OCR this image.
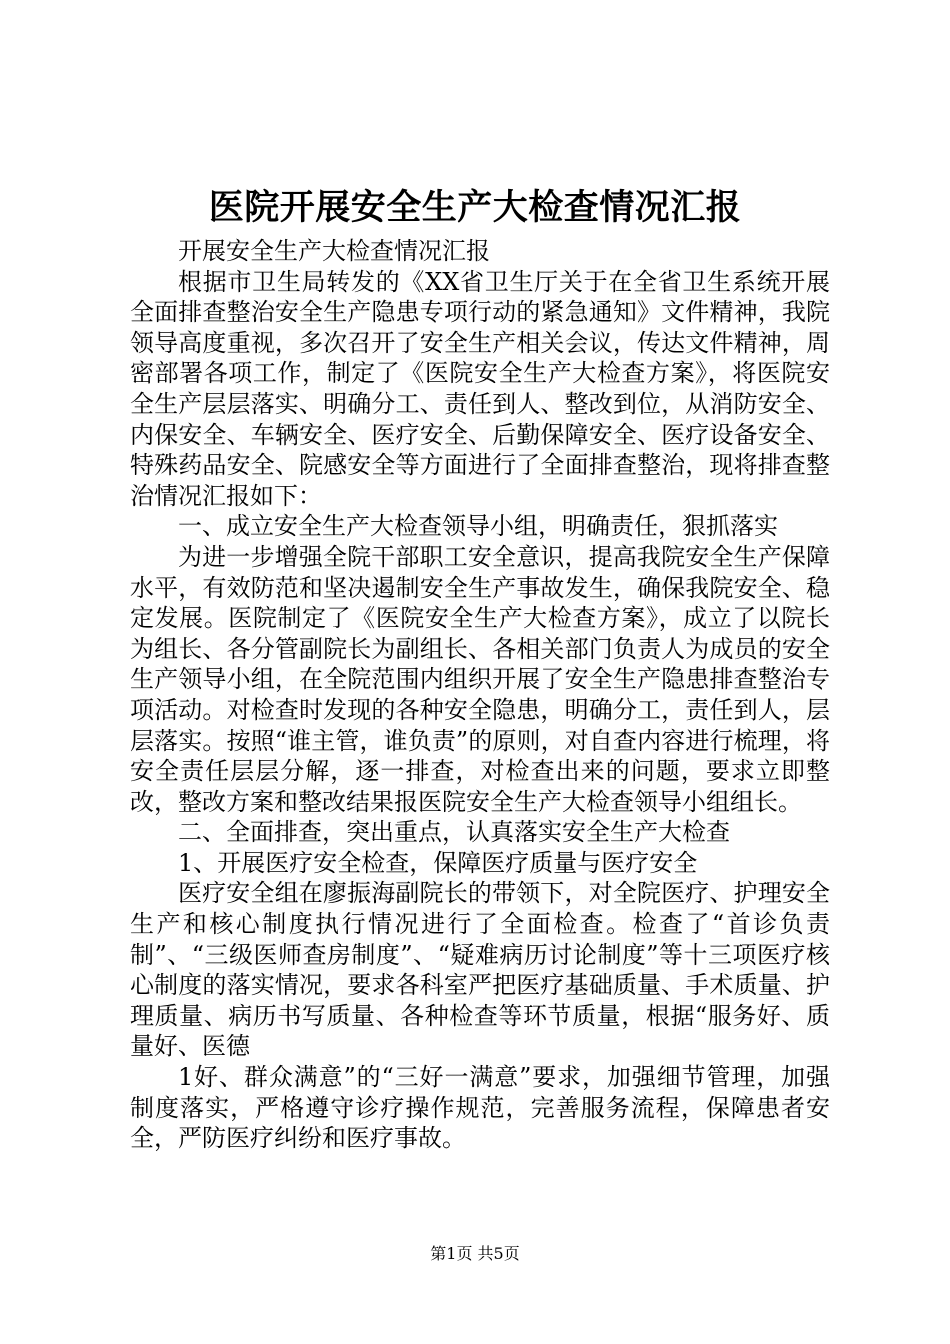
医院开展安全生产大检查情况汇报

开展安全生产大检查情况汇报

根据市卫生局转发的《XX省卫生厅关于在全省卫生系统开展全面排查整治安全生产隐患专项行动的紧急通知》文件精神，我院领导高度重视，多次召开了安全生产相关会议，传达文件精神，周密部署各项工作，制定了《医院安全生产大检查方案》，将医院安全生产层层落实、明确分工、责任到人、整改到位，从消防安全、内保安全、车辆安全、医疗安全、后勤保障安全、医疗设备安全、特殊药品安全、院感安全等方面进行了全面排查整治，现将排查整治情况汇报如下：

一、成立安全生产大检查领导小组，明确责任，狠抓落实

为进一步增强全院干部职工安全意识，提高我院安全生产保障水平，有效防范和坚决遏制安全生产事故发生，确保我院安全、稳定发展。医院制定了《医院安全生产大检查方案》，成立了以院长为组长、各分管副院长为副组长、各相关部门负责人为成员的安全生产领导小组，在全院范围内组织开展了安全生产隐患排查整治专项活动。对检查时发现的各种安全隐患，明确分工，责任到人，层层落实。按照“谁主管，谁负责”的原则，对自查内容进行梳理，将安全责任层层分解，逐一排查，对检查出来的问题，要求立即整改，整改方案和整改结果报医院安全生产大检查领导小组组长。

二、全面排查，突出重点，认真落实安全生产大检查

1、开展医疗安全检查，保障医疗质量与医疗安全

医疗安全组在廖振海副院长的带领下，对全院医疗、护理安全生产和核心制度执行情况进行了全面检查。检查了“首诊负责制”、“三级医师查房制度”、“疑难病历讨论制度”等十三项医疗核心制度的落实情况，要求各科室严把医疗基础质量、手术质量、护理质量、病历书写质量、各种检查等环节质量，根据“服务好、质量好、医德

1好、群众满意”的“三好一满意”要求，加强细节管理，加强制度落实，严格遵守诊疗操作规范，完善服务流程，保障患者安全，严防医疗纠纷和医疗事故。

第1页 共5页
